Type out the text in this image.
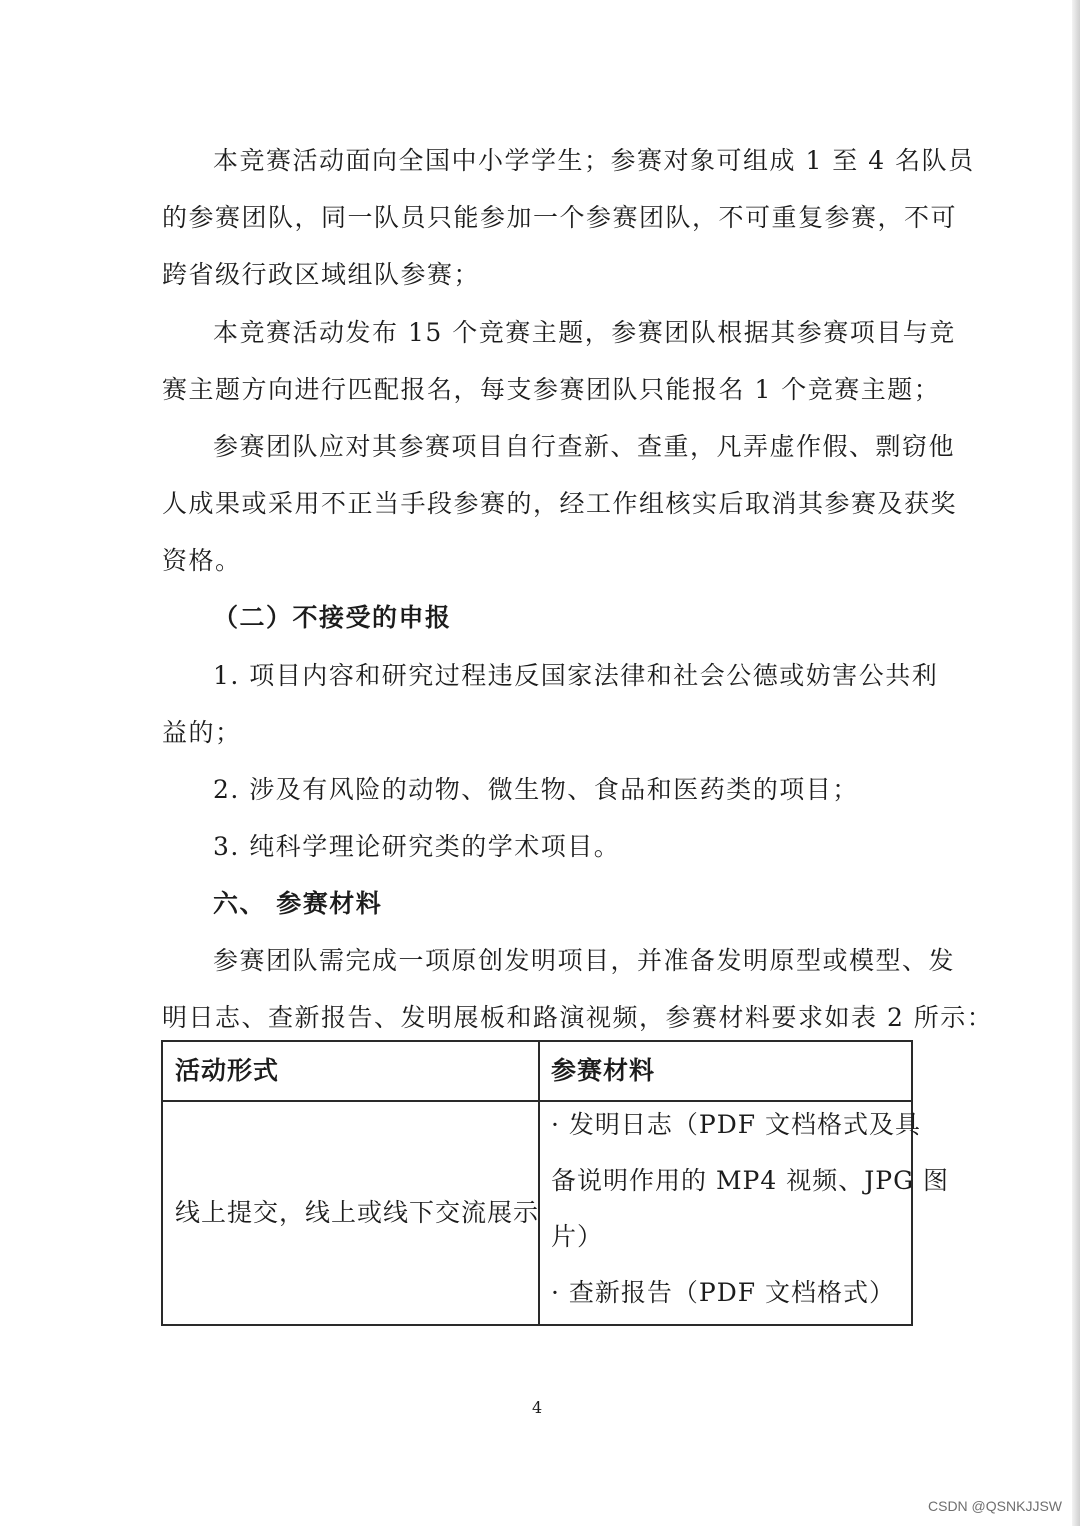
本竞赛活动面向全国中小学学生；参赛对象可组成 1 至 4 名队员
的参赛团队，同一队员只能参加一个参赛团队，不可重复参赛，不可
跨省级行政区域组队参赛；
本竞赛活动发布 15 个竞赛主题，参赛团队根据其参赛项目与竞
赛主题方向进行匹配报名，每支参赛团队只能报名 1 个竞赛主题；
参赛团队应对其参赛项目自行查新、查重，凡弄虚作假、剽窃他
人成果或采用不正当手段参赛的，经工作组核实后取消其参赛及获奖
资格。
（二）不接受的申报
1. 项目内容和研究过程违反国家法律和社会公德或妨害公共利
益的；
2. 涉及有风险的动物、微生物、食品和医药类的项目；
3. 纯科学理论研究类的学术项目。
六、 参赛材料
参赛团队需完成一项原创发明项目，并准备发明原型或模型、发
明日志、查新报告、发明展板和路演视频，参赛材料要求如表 2 所示：
活动形式	参赛材料
线上提交，线上或线下交流展示
· 发明日志（PDF 文档格式及具
备说明作用的 MP4 视频、JPG 图
片）
· 查新报告（PDF 文档格式）
4
CSDN @QSNKJJSW
